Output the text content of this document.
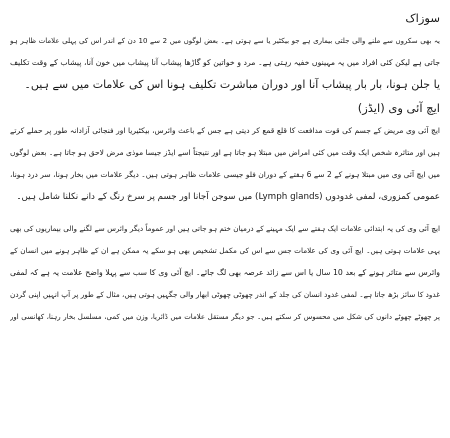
سوزاک
یہ بھی سکروں سے ملنے والی جلتی بیماری ہے جو بیکٹیر یا سے ہوتی ہے۔ بعض لوگوں میں 2 سے 10 دن کے اندر اس کی پہلی علامات ظاہر ہو
جاتی ہے لیکن کئی افراد میں یہ مہینوں خفیہ رہتی ہے۔ مرد و خواتین کو گاڑھا پیشاب آنا پیشاب میں خون آنا، پیشاب کے وقت تکلیف
یا جلن ہونا، بار بار پیشاب آنا اور دوران مباشرت تکلیف ہونا اس کی علامات میں سے ہیں۔
ایچ آئی وی (ایڈز)
ایچ آئی وی مریض کے جسم کی قوت مدافعت کا قلع قمع کر دیتی ہے جس کے باعث وائرس، بیکٹیریا اور فنجائی آزادانہ طور پر حملے کرتے
ہیں اور متاثرہ شخص ایک وقت میں کئی امراض میں مبتلا ہو جاتا ہے اور نتیجتاً اسے ایڈز جیسا موذی مرض لاحق ہو جاتا ہے۔ بعض لوگوں
میں ایچ آئی وی میں مبتلا ہونے کے 2 سے 6 ہفتے کے دوران فلو جیسی علامات ظاہر ہوتی ہیں۔ دیگر علامات میں بخار ہونا، سر درد ہونا،
عمومی کمزوری، لمفی غدودوں (Lymph glands) میں سوجن آجانا اور جسم پر سرخ رنگ کے دانے نکلنا شامل ہیں۔
ایچ آئی وی کی یہ ابتدائی علامات ایک ہفتے سے ایک مہینے کے درمیان ختم ہو جاتی ہیں اور عموماً دیگر وائرس سے لگنے والی بیماریوں کی بھی
یہی علامات ہوتی ہیں۔ ایچ آئی وی کی علامات جس سے اس کی مکمل تشخیص بھی ہو سکے یہ ممکن ہے ان کے ظاہر ہونے میں انسان کے
وائرس سے متاثر ہونے کے بعد 10 سال یا اس سے زائد عرصہ بھی لگ جائے۔ ایچ آئی وی کا سب سے پہلا واضح علامت یہ ہے کہ لمفی
غدود کا سائز بڑھ جاتا ہے۔ لمفی غدود انسان کی جلد کے اندر چھوٹی چھوٹی ابھار والی جگہیں ہوتی ہیں، مثال کے طور پر آپ انہیں اپنی گردن
پر چھوٹے چھوٹے دانوں کی شکل میں محسوس کر سکتے ہیں۔ جو دیگر مستقل علامات میں ڈائریا، وزن میں کمی، مسلسل بخار رہنا، کھانسی اور
